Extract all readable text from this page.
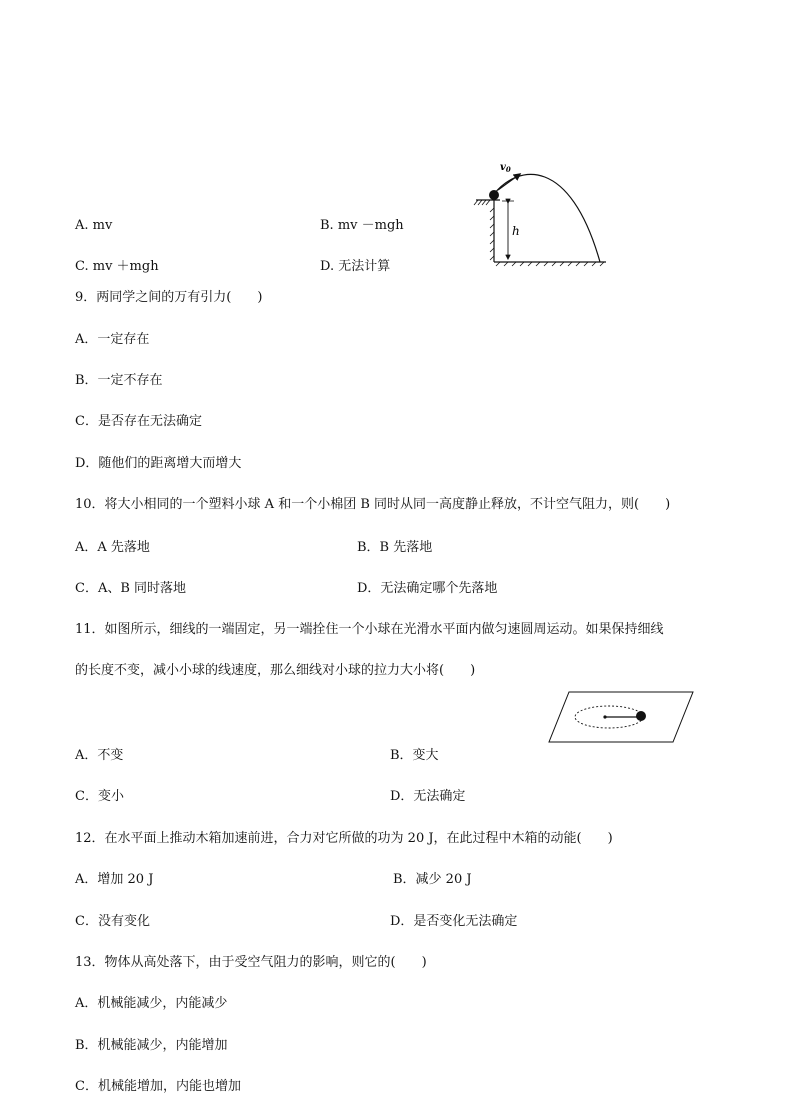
h
$v_0$
A. mv	B. mv －mgh
C. mv ＋mgh	D. 无法计算
9．两同学之间的万有引力(　　)
A．一定存在
B．一定不存在
C．是否存在无法确定
D．随他们的距离增大而增大
10．将大小相同的一个塑料小球 A 和一个小棉团 B 同时从同一高度静止释放，不计空气阻力，则(　　)
A．A 先落地	B．B 先落地
C．A、B 同时落地	D．无法确定哪个先落地
11．如图所示，细线的一端固定，另一端拴住一个小球在光滑水平面内做匀速圆周运动。如果保持细线
的长度不变，减小小球的线速度，那么细线对小球的拉力大小将(　　)
A．不变	B．变大
C．变小	D．无法确定
12．在水平面上推动木箱加速前进，合力对它所做的功为 20 J，在此过程中木箱的动能(　　)
A．增加 20 J	B．减少 20 J
C．没有变化	D．是否变化无法确定
13．物体从高处落下，由于受空气阻力的影响，则它的(　　)
A．机械能减少，内能减少
B．机械能减少，内能增加
C．机械能增加，内能也增加
